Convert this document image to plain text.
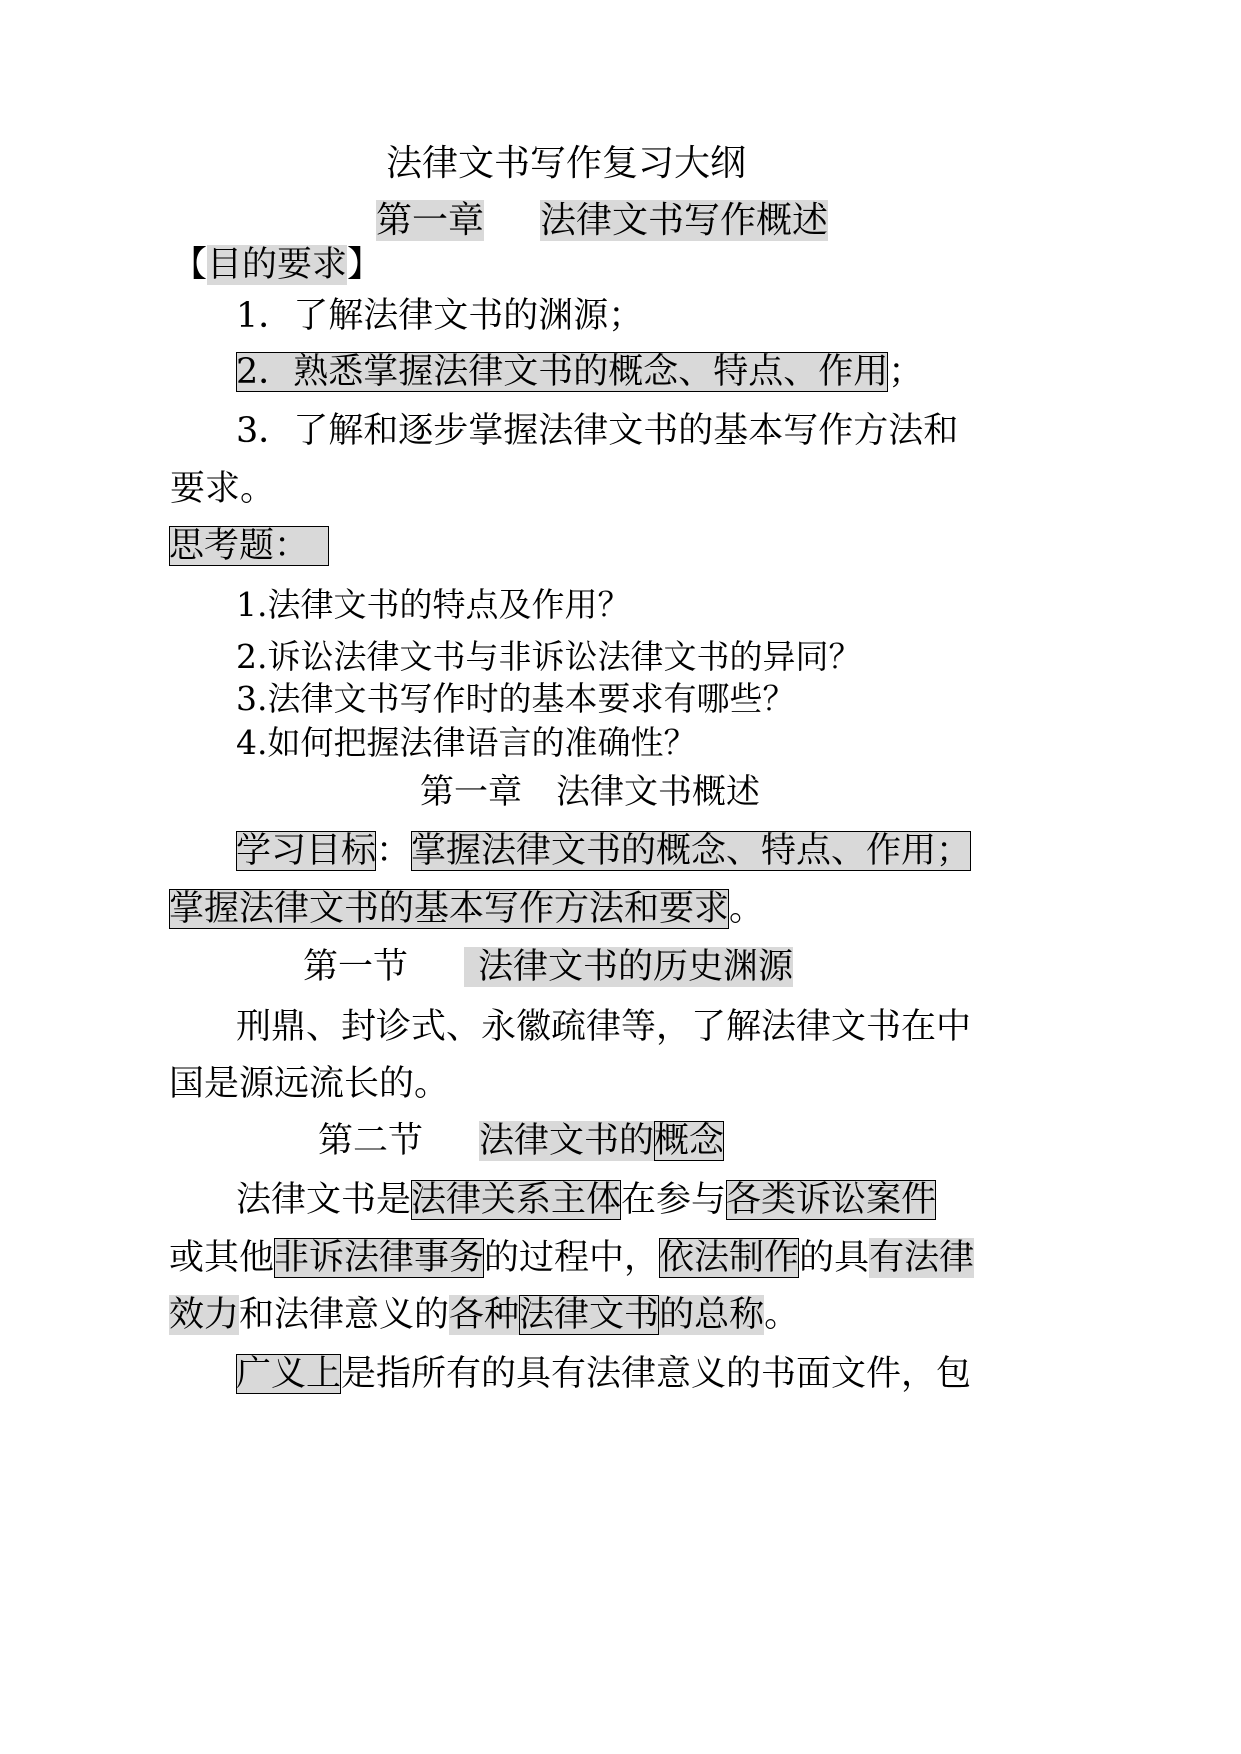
法律文书写作复习大纲
第一章 法律文书写作概述
【目的要求】
1．了解法律文书的渊源；
2．熟悉掌握法律文书的概念、特点、作用；
3．了解和逐步掌握法律文书的基本写作方法和
要求。
思考题：
1.法律文书的特点及作用？
2.诉讼法律文书与非诉讼法律文书的异同？
3.法律文书写作时的基本要求有哪些？
4.如何把握法律语言的准确性？
第一章 法律文书概述
学习目标：掌握法律文书的概念、特点、作用；
掌握法律文书的基本写作方法和要求。
第一节 法律文书的历史渊源
刑鼎、封诊式、永徽疏律等，了解法律文书在中
国是源远流长的。
第二节 法律文书的概念
法律文书是法律关系主体在参与各类诉讼案件
或其他非诉法律事务的过程中，依法制作的具有法律
效力和法律意义的各种法律文书的总称。
广义上是指所有的具有法律意义的书面文件，包
